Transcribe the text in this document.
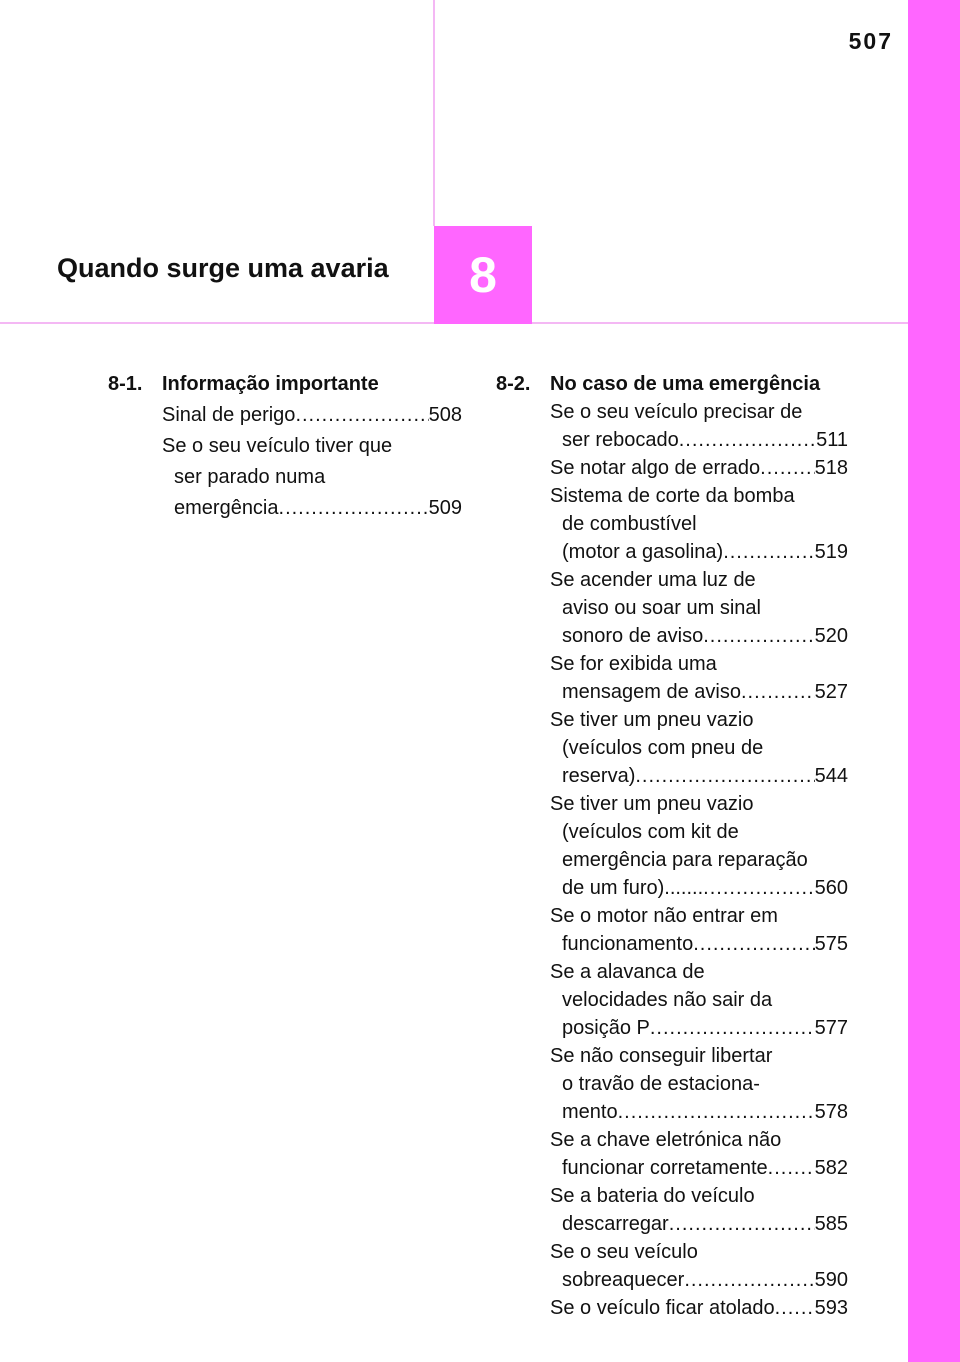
507
Quando surge uma avaria	8
8-1. Informação importante
Sinal de perigo .....	508
Se o seu veículo tiver que
ser parado numa
emergência .....	509
8-2. No caso de uma emergência
Se o seu veículo precisar de
ser rebocado .....	511
Se notar algo de errado .....	518
Sistema de corte da bomba
de combustível
(motor a gasolina) .....	519
Se acender uma luz de
aviso ou soar um sinal
sonoro de aviso .....	520
Se for exibida uma
mensagem de aviso .....	527
Se tiver um pneu vazio
(veículos com pneu de
reserva) .....	544
Se tiver um pneu vazio
(veículos com kit de
emergência para reparação
de um furo)....... .....	560
Se o motor não entrar em
funcionamento .....	575
Se a alavanca de
velocidades não sair da
posição P .....	577
Se não conseguir libertar
o travão de estaciona-
mento .....	578
Se a chave eletrónica não
funcionar corretamente ..... 582
Se a bateria do veículo
descarregar .....	585
Se o seu veículo
sobreaquecer .....	590
Se o veículo ficar atolado ..... 593
